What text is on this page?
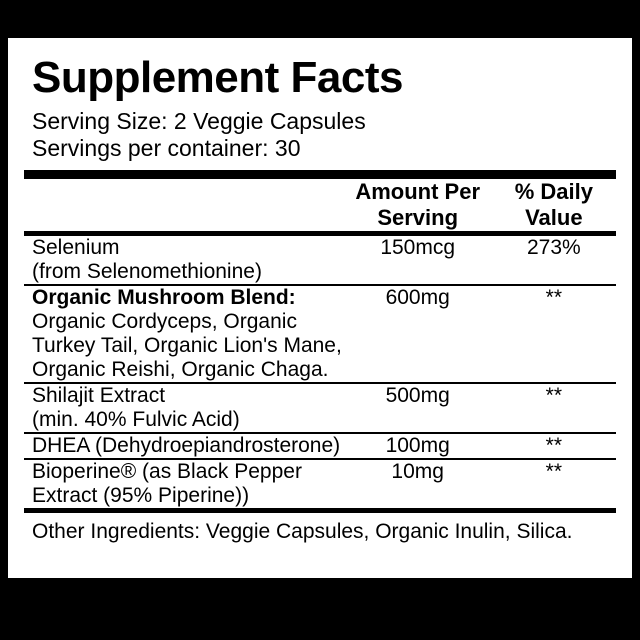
Supplement Facts
Serving Size: 2 Veggie Capsules
Servings per container: 30
	Amount Per Serving	% Daily Value
Selenium
(from Selenomethionine)	150mcg	273%

Organic Mushroom Blend:
Organic Cordyceps, Organic Turkey Tail, Organic Lion's Mane, Organic Reishi, Organic Chaga.	600mg	**

Shilajit Extract
(min. 40% Fulvic Acid)	500mg	**

DHEA (Dehydroepiandrosterone)	100mg	**

Bioperine® (as Black Pepper
Extract (95% Piperine))	10mg	**
Other Ingredients: Veggie Capsules, Organic Inulin, Silica.
